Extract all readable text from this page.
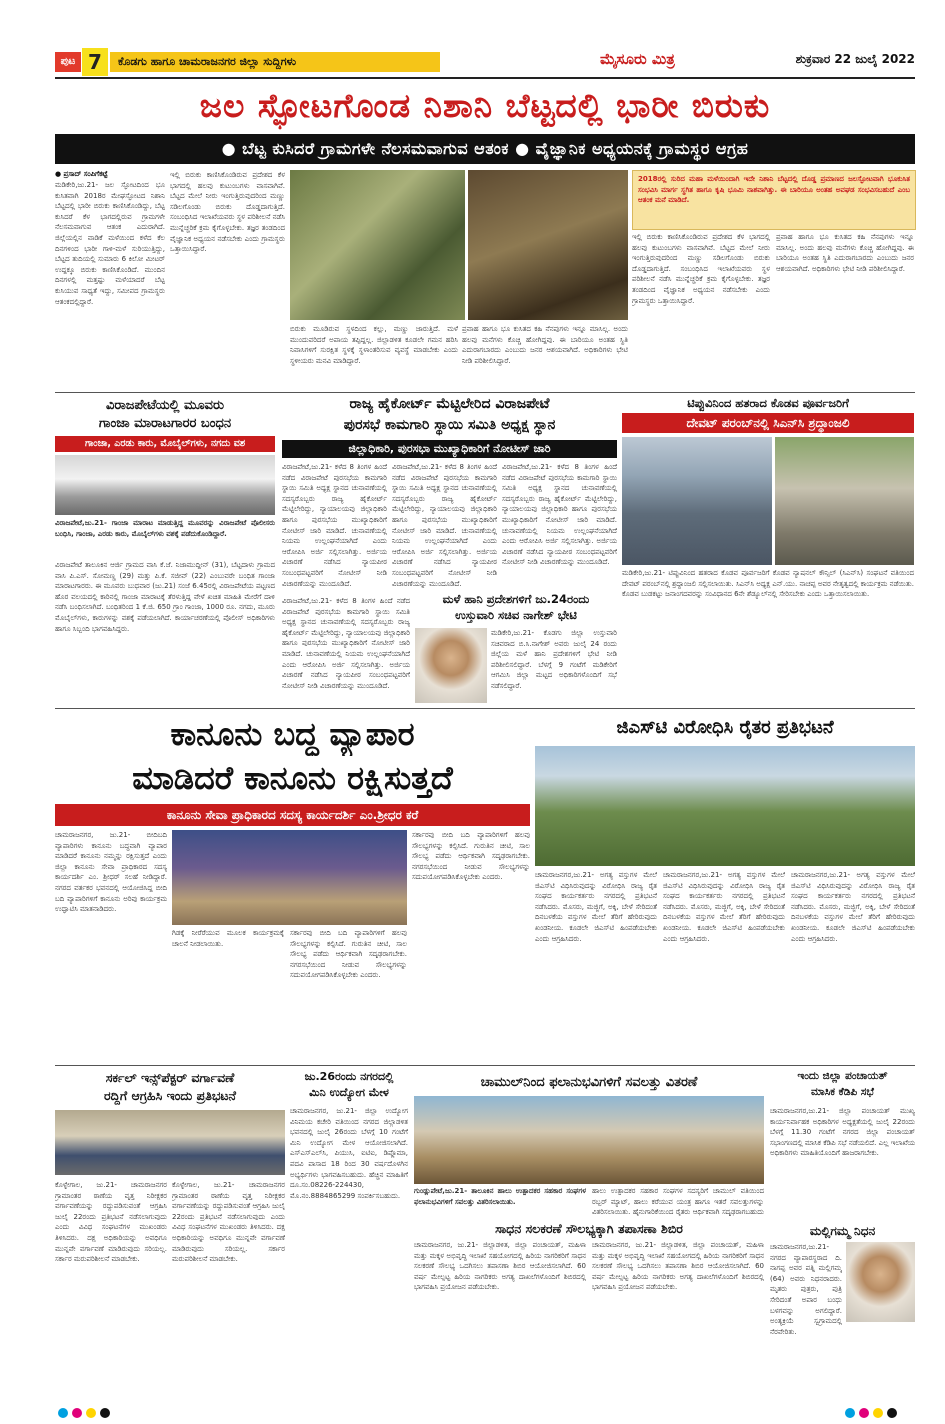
ಪುಟ 7	ಕೊಡಗು ಹಾಗೂ ಚಾಮರಾಜನಗರ ಜಿಲ್ಲಾ ಸುದ್ದಿಗಳು	ಮೈಸೂರು ಮಿತ್ರ	ಶುಕ್ರವಾರ 22 ಜುಲೈ 2022
ಜಲ ಸ್ಫೋಟಗೊಂಡ ನಿಶಾನಿ ಬೆಟ್ಟದಲ್ಲಿ ಭಾರೀ ಬಿರುಕು
● ಬೆಟ್ಟ ಕುಸಿದರೆ ಗ್ರಾಮಗಳೇ ನೆಲಸಮವಾಗುವ ಆತಂಕ ● ವೈಜ್ಞಾನಿಕ ಅಧ್ಯಯನಕ್ಕೆ ಗ್ರಾಮಸ್ಥರ ಆಗ್ರಹ
● ಪ್ರಸಾದ್ ಸಂಪಿಗೆಕಟ್ಟೆ
ಮಡಿಕೇರಿ,ಜು.21- ಜಲ ಸ್ಫೋಟದಿಂದ ಭೂ ಕುಸಿತವಾಗಿ 2018ರ ಮೇಘಸ್ಫೋಟದ ನಿಶಾನಿ ಬೆಟ್ಟದಲ್ಲಿ ಭಾರೀ ಬಿರುಕು ಕಾಣಿಸಿಕೊಂಡಿದ್ದು, ಬೆಟ್ಟ ಕುಸಿದರೆ ಕೆಳ ಭಾಗದಲ್ಲಿರುವ ಗ್ರಾಮಗಳೇ ನೆಲಸಮವಾಗುವ ಆತಂಕ ಎದುರಾಗಿದೆ. ಜಿಲ್ಲೆಯಲ್ಲಿನ ವಾಡಿಕೆ ಮಳೆಯಿಂದ ಕಳೆದ ಕೆಲ ದಿನಗಳಿಂದ ಭಾರೀ ಗಾಳಿ-ಮಳೆ ಸುರಿಯುತ್ತಿದ್ದು, ಬೆಟ್ಟದ ತುದಿಯಲ್ಲಿ ಸುಮಾರು 6 ಕಿಲೋ ಮೀಟರ್ ಉದ್ದಕ್ಕೂ ಬಿರುಕು ಕಾಣಿಸಿಕೊಂಡಿದೆ. ಮುಂದಿನ ದಿನಗಳಲ್ಲಿ ಮತ್ತಷ್ಟು ಮಳೆಯಾದರೆ ಬೆಟ್ಟ ಕುಸಿಯುವ ಸಾಧ್ಯತೆ ಇದ್ದು, ಸಮೀಪದ ಗ್ರಾಮಸ್ಥರು ಆತಂಕದಲ್ಲಿದ್ದಾರೆ.
ಇಲ್ಲಿ ಬಿರುಕು ಕಾಣಿಸಿಕೊಂಡಿರುವ ಪ್ರದೇಶದ ಕೆಳ ಭಾಗದಲ್ಲಿ ಹಲವು ಕುಟುಂಬಗಳು ವಾಸವಾಗಿವೆ. ಬೆಟ್ಟದ ಮೇಲೆ ನೀರು ಇಂಗುತ್ತಿರುವುದರಿಂದ ಮಣ್ಣು ಸಡಿಲಗೊಂಡು ಬಿರುಕು ದೊಡ್ಡದಾಗುತ್ತಿದೆ. ಸಂಬಂಧಿಸಿದ ಇಲಾಖೆಯವರು ಸ್ಥಳ ಪರಿಶೀಲನೆ ನಡೆಸಿ ಮುನ್ನೆಚ್ಚರಿಕೆ ಕ್ರಮ ಕೈಗೊಳ್ಳಬೇಕು. ತಜ್ಞರ ತಂಡದಿಂದ ವೈಜ್ಞಾನಿಕ ಅಧ್ಯಯನ ನಡೆಸಬೇಕು ಎಂದು ಗ್ರಾಮಸ್ಥರು ಒತ್ತಾಯಿಸಿದ್ದಾರೆ.
ಬಿರುಕು ಮೂಡಿರುವ ಸ್ಥಳದಿಂದ ಕಲ್ಲು, ಮಣ್ಣು ಜಾರುತ್ತಿದೆ. ಮಳೆ ಮುಂದುವರಿದರೆ ಅಪಾಯ ತಪ್ಪಿದ್ದಲ್ಲ. ಜಿಲ್ಲಾಡಳಿತ ಕೂಡಲೇ ಗಮನ ಹರಿಸಿ ನಿವಾಸಿಗಳಿಗೆ ಸುರಕ್ಷಿತ ಸ್ಥಳಕ್ಕೆ ಸ್ಥಳಾಂತರಿಸುವ ವ್ಯವಸ್ಥೆ ಮಾಡಬೇಕು ಎಂದು ಸ್ಥಳೀಯರು ಮನವಿ ಮಾಡಿದ್ದಾರೆ.
ಪ್ರವಾಹ ಹಾಗೂ ಭೂ ಕುಸಿತದ ಕಹಿ ನೆನಪುಗಳು ಇನ್ನೂ ಮಾಸಿಲ್ಲ. ಅಂದು ಹಲವು ಮನೆಗಳು ಕೊಚ್ಚಿ ಹೋಗಿದ್ದವು. ಈ ಬಾರಿಯೂ ಅಂತಹ ಸ್ಥಿತಿ ಎದುರಾಗಬಾರದು ಎಂಬುದು ಜನರ ಆಶಯವಾಗಿದೆ. ಅಧಿಕಾರಿಗಳು ಭೇಟಿ ನೀಡಿ ಪರಿಶೀಲಿಸಿದ್ದಾರೆ.
2018ರಲ್ಲಿ ಸುರಿದ ಮಹಾ ಮಳೆಯಿಂದಾಗಿ ಇದೇ ನಿಶಾನಿ ಬೆಟ್ಟದಲ್ಲಿ ದೊಡ್ಡ ಪ್ರಮಾಣದ ಜಲಸ್ಫೋಟವಾಗಿ ಭೂಕುಸಿತ ಸಂಭವಿಸಿ ಮಾರ್ಗ ಸ್ಥಗಿತ ಹಾಗೂ ಕೃಷಿ ಭೂಮಿ ನಾಶವಾಗಿತ್ತು. ಈ ಬಾರಿಯೂ ಅಂತಹ ಅವಘಡ ಸಂಭವಿಸಬಹುದೆ ಎಂಬ ಆತಂಕ ಮನೆ ಮಾಡಿದೆ.
ಇಲ್ಲಿ ಬಿರುಕು ಕಾಣಿಸಿಕೊಂಡಿರುವ ಪ್ರದೇಶದ ಕೆಳ ಭಾಗದಲ್ಲಿ ಹಲವು ಕುಟುಂಬಗಳು ವಾಸವಾಗಿವೆ. ಬೆಟ್ಟದ ಮೇಲೆ ನೀರು ಇಂಗುತ್ತಿರುವುದರಿಂದ ಮಣ್ಣು ಸಡಿಲಗೊಂಡು ಬಿರುಕು ದೊಡ್ಡದಾಗುತ್ತಿದೆ. ಸಂಬಂಧಿಸಿದ ಇಲಾಖೆಯವರು ಸ್ಥಳ ಪರಿಶೀಲನೆ ನಡೆಸಿ ಮುನ್ನೆಚ್ಚರಿಕೆ ಕ್ರಮ ಕೈಗೊಳ್ಳಬೇಕು. ತಜ್ಞರ ತಂಡದಿಂದ ವೈಜ್ಞಾನಿಕ ಅಧ್ಯಯನ ನಡೆಸಬೇಕು ಎಂದು ಗ್ರಾಮಸ್ಥರು ಒತ್ತಾಯಿಸಿದ್ದಾರೆ.
ಪ್ರವಾಹ ಹಾಗೂ ಭೂ ಕುಸಿತದ ಕಹಿ ನೆನಪುಗಳು ಇನ್ನೂ ಮಾಸಿಲ್ಲ. ಅಂದು ಹಲವು ಮನೆಗಳು ಕೊಚ್ಚಿ ಹೋಗಿದ್ದವು. ಈ ಬಾರಿಯೂ ಅಂತಹ ಸ್ಥಿತಿ ಎದುರಾಗಬಾರದು ಎಂಬುದು ಜನರ ಆಶಯವಾಗಿದೆ. ಅಧಿಕಾರಿಗಳು ಭೇಟಿ ನೀಡಿ ಪರಿಶೀಲಿಸಿದ್ದಾರೆ.
ವಿರಾಜಪೇಟೆಯಲ್ಲಿ ಮೂವರು
ಗಾಂಜಾ ಮಾರಾಟಗಾರರ ಬಂಧನ
ಗಾಂಜಾ, ಎರಡು ಕಾರು, ಮೊಬೈಲ್‌ಗಳು, ನಗದು ವಶ
ವಿರಾಜಪೇಟೆ,ಜು.21- ಗಾಂಜಾ ಮಾರಾಟ ಮಾಡುತ್ತಿದ್ದ ಮೂವರನ್ನು ವಿರಾಜಪೇಟೆ ಪೊಲೀಸರು ಬಂಧಿಸಿ, ಗಾಂಜಾ, ಎರಡು ಕಾರು, ಮೊಬೈಲ್‌ಗಳು ವಶಕ್ಕೆ ಪಡೆದುಕೊಂಡಿದ್ದಾರೆ.
ವಿರಾಜಪೇಟೆ ತಾಲೂಕಿನ ಆರ್ಜಿ ಗ್ರಾಮದ ವಾಸಿ ಕೆ.ಜೆ. ನಿಜಾಮುದ್ದೀನ್ (31), ಬೆಟ್ಟದಾಳು ಗ್ರಾಮದ ವಾಸಿ ಪಿ.ಎಸ್. ಸೋಮಣ್ಣ (29) ಮತ್ತು ಪಿ.ಕೆ. ಸಜೀವ್ (22) ಎಂಬುವರೇ ಬಂಧಿತ ಗಾಂಜಾ ಮಾರಾಟಗಾರರು. ಈ ಮೂವರು ಬುಧವಾರ (ಜು.21) ಸಂಜೆ 6.45ರಲ್ಲಿ ವಿರಾಜಪೇಟೆಯ ಪಟ್ಟಣದ ಹೊರ ವಲಯದಲ್ಲಿ ಕಾರಿನಲ್ಲಿ ಗಾಂಜಾ ಮಾರಾಟಕ್ಕೆ ತೆರಳುತ್ತಿದ್ದ ವೇಳೆ ಖಚಿತ ಮಾಹಿತಿ ಮೇರೆಗೆ ದಾಳಿ ನಡೆಸಿ ಬಂಧಿಸಲಾಗಿದೆ. ಬಂಧಿತರಿಂದ 1 ಕೆ.ಜಿ. 650 ಗ್ರಾಂ ಗಾಂಜಾ, 1000 ರೂ. ನಗದು, ಮೂರು ಮೊಬೈಲ್‌ಗಳು, ಕಾರುಗಳನ್ನು ವಶಕ್ಕೆ ಪಡೆಯಲಾಗಿದೆ. ಕಾರ್ಯಾಚರಣೆಯಲ್ಲಿ ಪೊಲೀಸ್ ಅಧಿಕಾರಿಗಳು ಹಾಗೂ ಸಿಬ್ಬಂದಿ ಭಾಗವಹಿಸಿದ್ದರು.
ರಾಜ್ಯ ಹೈಕೋರ್ಟ್ ಮೆಟ್ಟಿಲೇರಿದ ವಿರಾಜಪೇಟೆ
ಪುರಸಭೆ ಕಾಮಗಾರಿ ಸ್ಥಾಯಿ ಸಮಿತಿ ಅಧ್ಯಕ್ಷ ಸ್ಥಾನ
ಜಿಲ್ಲಾಧಿಕಾರಿ, ಪುರಸಭಾ ಮುಖ್ಯಾಧಿಕಾರಿಗೆ ನೋಟೀಸ್ ಜಾರಿ
ವಿರಾಜಪೇಟೆ,ಜು.21- ಕಳೆದ 8 ತಿಂಗಳ ಹಿಂದೆ ನಡೆದ ವಿರಾಜಪೇಟೆ ಪುರಸಭೆಯ ಕಾಮಗಾರಿ ಸ್ಥಾಯಿ ಸಮಿತಿ ಅಧ್ಯಕ್ಷ ಸ್ಥಾನದ ಚುನಾವಣೆಯಲ್ಲಿ ಸದಸ್ಯರೊಬ್ಬರು ರಾಜ್ಯ ಹೈಕೋರ್ಟ್ ಮೆಟ್ಟಿಲೇರಿದ್ದು, ನ್ಯಾಯಾಲಯವು ಜಿಲ್ಲಾಧಿಕಾರಿ ಹಾಗೂ ಪುರಸಭೆಯ ಮುಖ್ಯಾಧಿಕಾರಿಗೆ ನೋಟೀಸ್ ಜಾರಿ ಮಾಡಿದೆ. ಚುನಾವಣೆಯಲ್ಲಿ ನಿಯಮ ಉಲ್ಲಂಘನೆಯಾಗಿದೆ ಎಂದು ಆರೋಪಿಸಿ ಅರ್ಜಿ ಸಲ್ಲಿಸಲಾಗಿತ್ತು. ಅರ್ಜಿಯ ವಿಚಾರಣೆ ನಡೆಸಿದ ನ್ಯಾಯಪೀಠ ಸಂಬಂಧಪಟ್ಟವರಿಗೆ ನೋಟೀಸ್ ನೀಡಿ ವಿಚಾರಣೆಯನ್ನು ಮುಂದೂಡಿದೆ.
ವಿರಾಜಪೇಟೆ,ಜು.21- ಕಳೆದ 8 ತಿಂಗಳ ಹಿಂದೆ ನಡೆದ ವಿರಾಜಪೇಟೆ ಪುರಸಭೆಯ ಕಾಮಗಾರಿ ಸ್ಥಾಯಿ ಸಮಿತಿ ಅಧ್ಯಕ್ಷ ಸ್ಥಾನದ ಚುನಾವಣೆಯಲ್ಲಿ ಸದಸ್ಯರೊಬ್ಬರು ರಾಜ್ಯ ಹೈಕೋರ್ಟ್ ಮೆಟ್ಟಿಲೇರಿದ್ದು, ನ್ಯಾಯಾಲಯವು ಜಿಲ್ಲಾಧಿಕಾರಿ ಹಾಗೂ ಪುರಸಭೆಯ ಮುಖ್ಯಾಧಿಕಾರಿಗೆ ನೋಟೀಸ್ ಜಾರಿ ಮಾಡಿದೆ. ಚುನಾವಣೆಯಲ್ಲಿ ನಿಯಮ ಉಲ್ಲಂಘನೆಯಾಗಿದೆ ಎಂದು ಆರೋಪಿಸಿ ಅರ್ಜಿ ಸಲ್ಲಿಸಲಾಗಿತ್ತು. ಅರ್ಜಿಯ ವಿಚಾರಣೆ ನಡೆಸಿದ ನ್ಯಾಯಪೀಠ ಸಂಬಂಧಪಟ್ಟವರಿಗೆ ನೋಟೀಸ್ ನೀಡಿ ವಿಚಾರಣೆಯನ್ನು ಮುಂದೂಡಿದೆ.
ವಿರಾಜಪೇಟೆ,ಜು.21- ಕಳೆದ 8 ತಿಂಗಳ ಹಿಂದೆ ನಡೆದ ವಿರಾಜಪೇಟೆ ಪುರಸಭೆಯ ಕಾಮಗಾರಿ ಸ್ಥಾಯಿ ಸಮಿತಿ ಅಧ್ಯಕ್ಷ ಸ್ಥಾನದ ಚುನಾವಣೆಯಲ್ಲಿ ಸದಸ್ಯರೊಬ್ಬರು ರಾಜ್ಯ ಹೈಕೋರ್ಟ್ ಮೆಟ್ಟಿಲೇರಿದ್ದು, ನ್ಯಾಯಾಲಯವು ಜಿಲ್ಲಾಧಿಕಾರಿ ಹಾಗೂ ಪುರಸಭೆಯ ಮುಖ್ಯಾಧಿಕಾರಿಗೆ ನೋಟೀಸ್ ಜಾರಿ ಮಾಡಿದೆ. ಚುನಾವಣೆಯಲ್ಲಿ ನಿಯಮ ಉಲ್ಲಂಘನೆಯಾಗಿದೆ ಎಂದು ಆರೋಪಿಸಿ ಅರ್ಜಿ ಸಲ್ಲಿಸಲಾಗಿತ್ತು. ಅರ್ಜಿಯ ವಿಚಾರಣೆ ನಡೆಸಿದ ನ್ಯಾಯಪೀಠ ಸಂಬಂಧಪಟ್ಟವರಿಗೆ ನೋಟೀಸ್ ನೀಡಿ ವಿಚಾರಣೆಯನ್ನು ಮುಂದೂಡಿದೆ.
ಮಳೆ ಹಾನಿ ಪ್ರದೇಶಗಳಿಗೆ ಜು.24ರಂದು
ಉಸ್ತುವಾರಿ ಸಚಿವ ನಾಗೇಶ್ ಭೇಟಿ
ವಿರಾಜಪೇಟೆ,ಜು.21- ಕಳೆದ 8 ತಿಂಗಳ ಹಿಂದೆ ನಡೆದ ವಿರಾಜಪೇಟೆ ಪುರಸಭೆಯ ಕಾಮಗಾರಿ ಸ್ಥಾಯಿ ಸಮಿತಿ ಅಧ್ಯಕ್ಷ ಸ್ಥಾನದ ಚುನಾವಣೆಯಲ್ಲಿ ಸದಸ್ಯರೊಬ್ಬರು ರಾಜ್ಯ ಹೈಕೋರ್ಟ್ ಮೆಟ್ಟಿಲೇರಿದ್ದು, ನ್ಯಾಯಾಲಯವು ಜಿಲ್ಲಾಧಿಕಾರಿ ಹಾಗೂ ಪುರಸಭೆಯ ಮುಖ್ಯಾಧಿಕಾರಿಗೆ ನೋಟೀಸ್ ಜಾರಿ ಮಾಡಿದೆ. ಚುನಾವಣೆಯಲ್ಲಿ ನಿಯಮ ಉಲ್ಲಂಘನೆಯಾಗಿದೆ ಎಂದು ಆರೋಪಿಸಿ ಅರ್ಜಿ ಸಲ್ಲಿಸಲಾಗಿತ್ತು. ಅರ್ಜಿಯ ವಿಚಾರಣೆ ನಡೆಸಿದ ನ್ಯಾಯಪೀಠ ಸಂಬಂಧಪಟ್ಟವರಿಗೆ ನೋಟೀಸ್ ನೀಡಿ ವಿಚಾರಣೆಯನ್ನು ಮುಂದೂಡಿದೆ.
ಮಡಿಕೇರಿ,ಜು.21- ಕೊಡಗು ಜಿಲ್ಲಾ ಉಸ್ತುವಾರಿ ಸಚಿವರಾದ ಬಿ.ಸಿ.ನಾಗೇಶ್ ಅವರು ಜುಲೈ 24 ರಂದು ಜಿಲ್ಲೆಯ ಮಳೆ ಹಾನಿ ಪ್ರದೇಶಗಳಿಗೆ ಭೇಟಿ ನೀಡಿ ಪರಿಶೀಲಿಸಲಿದ್ದಾರೆ. ಬೆಳಗ್ಗೆ 9 ಗಂಟೆಗೆ ಮಡಿಕೇರಿಗೆ ಆಗಮಿಸಿ ಜಿಲ್ಲಾ ಮಟ್ಟದ ಅಧಿಕಾರಿಗಳೊಂದಿಗೆ ಸಭೆ ನಡೆಸಲಿದ್ದಾರೆ.
ಟಿಪ್ಪುವಿನಿಂದ ಹತರಾದ ಕೊಡವ ಪೂರ್ವಜರಿಗೆ
ದೇವಟ್ ಪರಂಬ್‌ನಲ್ಲಿ ಸಿಎನ್‌ಸಿ ಶ್ರದ್ಧಾಂಜಲಿ
ಮಡಿಕೇರಿ,ಜು.21- ಟಿಪ್ಪುವಿನಿಂದ ಹತರಾದ ಕೊಡವ ಪೂರ್ವಜರಿಗೆ ಕೊಡವ ನ್ಯಾಷನಲ್ ಕೌನ್ಸಿಲ್ (ಸಿಎನ್‌ಸಿ) ಸಂಘಟನೆ ವತಿಯಿಂದ ದೇವಟ್ ಪರಂಬ್‌ನಲ್ಲಿ ಶ್ರದ್ಧಾಂಜಲಿ ಸಲ್ಲಿಸಲಾಯಿತು. ಸಿಎನ್‌ಸಿ ಅಧ್ಯಕ್ಷ ಎನ್.ಯು. ನಾಚಪ್ಪ ಅವರ ನೇತೃತ್ವದಲ್ಲಿ ಕಾರ್ಯಕ್ರಮ ನಡೆಯಿತು. ಕೊಡವ ಬುಡಕಟ್ಟು ಜನಾಂಗದವರನ್ನು ಸಂವಿಧಾನದ 6ನೇ ಶೆಡ್ಯೂಲ್‌ನಲ್ಲಿ ಸೇರಿಸಬೇಕು ಎಂದು ಒತ್ತಾಯಿಸಲಾಯಿತು.
ಕಾನೂನು ಬದ್ಧ ವ್ಯಾಪಾರ
ಮಾಡಿದರೆ ಕಾನೂನು ರಕ್ಷಿಸುತ್ತದೆ
ಕಾನೂನು ಸೇವಾ ಪ್ರಾಧಿಕಾರದ ಸದಸ್ಯ ಕಾರ್ಯದರ್ಶಿ ಎಂ.ಶ್ರೀಧರ ಕರೆ
ಚಾಮರಾಜನಗರ, ಜು.21- ಬೀದಿಬದಿ ವ್ಯಾಪಾರಿಗಳು ಕಾನೂನು ಬದ್ಧವಾಗಿ ವ್ಯಾಪಾರ ಮಾಡಿದರೆ ಕಾನೂನು ನಮ್ಮನ್ನು ರಕ್ಷಿಸುತ್ತದೆ ಎಂದು ಜಿಲ್ಲಾ ಕಾನೂನು ಸೇವಾ ಪ್ರಾಧಿಕಾರದ ಸದಸ್ಯ ಕಾರ್ಯದರ್ಶಿ ಎಂ. ಶ್ರೀಧರ್ ಸಲಹೆ ನೀಡಿದ್ದಾರೆ. ನಗರದ ವರ್ತಕರ ಭವನದಲ್ಲಿ ಆಯೋಜಿಸಿದ್ದ ಬೀದಿ ಬದಿ ವ್ಯಾಪಾರಿಗಳಿಗೆ ಕಾನೂನು ಅರಿವು ಕಾರ್ಯಕ್ರಮ ಉದ್ಘಾಟಿಸಿ ಮಾತನಾಡಿದರು.
ಗಿಡಕ್ಕೆ ನೀರೆರೆಯುವ ಮೂಲಕ ಕಾರ್ಯಕ್ರಮಕ್ಕೆ ಚಾಲನೆ ನೀಡಲಾಯಿತು.
ಸರ್ಕಾರವು ಬೀದಿ ಬದಿ ವ್ಯಾಪಾರಿಗಳಿಗೆ ಹಲವು ಸೌಲಭ್ಯಗಳನ್ನು ಕಲ್ಪಿಸಿದೆ. ಗುರುತಿನ ಚೀಟಿ, ಸಾಲ ಸೌಲಭ್ಯ ಪಡೆದು ಆರ್ಥಿಕವಾಗಿ ಸದೃಢರಾಗಬೇಕು. ನಗರಸಭೆಯಿಂದ ನೀಡುವ ಸೌಲಭ್ಯಗಳನ್ನು ಸದುಪಯೋಗಪಡಿಸಿಕೊಳ್ಳಬೇಕು ಎಂದರು.
ಸರ್ಕಾರವು ಬೀದಿ ಬದಿ ವ್ಯಾಪಾರಿಗಳಿಗೆ ಹಲವು ಸೌಲಭ್ಯಗಳನ್ನು ಕಲ್ಪಿಸಿದೆ. ಗುರುತಿನ ಚೀಟಿ, ಸಾಲ ಸೌಲಭ್ಯ ಪಡೆದು ಆರ್ಥಿಕವಾಗಿ ಸದೃಢರಾಗಬೇಕು. ನಗರಸಭೆಯಿಂದ ನೀಡುವ ಸೌಲಭ್ಯಗಳನ್ನು ಸದುಪಯೋಗಪಡಿಸಿಕೊಳ್ಳಬೇಕು ಎಂದರು.
ಜಿಎಸ್‌ಟಿ ವಿರೋಧಿಸಿ ರೈತರ ಪ್ರತಿಭಟನೆ
ಚಾಮರಾಜನಗರ,ಜು.21- ಅಗತ್ಯ ವಸ್ತುಗಳ ಮೇಲೆ ಜಿಎಸ್‌ಟಿ ವಿಧಿಸಿರುವುದನ್ನು ವಿರೋಧಿಸಿ ರಾಜ್ಯ ರೈತ ಸಂಘದ ಕಾರ್ಯಕರ್ತರು ನಗರದಲ್ಲಿ ಪ್ರತಿಭಟನೆ ನಡೆಸಿದರು. ಮೊಸರು, ಮಜ್ಜಿಗೆ, ಅಕ್ಕಿ, ಬೇಳೆ ಸೇರಿದಂತೆ ದಿನಬಳಕೆಯ ವಸ್ತುಗಳ ಮೇಲೆ ತೆರಿಗೆ ಹೇರಿರುವುದು ಖಂಡನೀಯ. ಕೂಡಲೇ ಜಿಎಸ್‌ಟಿ ಹಿಂಪಡೆಯಬೇಕು ಎಂದು ಆಗ್ರಹಿಸಿದರು.
ಚಾಮರಾಜನಗರ,ಜು.21- ಅಗತ್ಯ ವಸ್ತುಗಳ ಮೇಲೆ ಜಿಎಸ್‌ಟಿ ವಿಧಿಸಿರುವುದನ್ನು ವಿರೋಧಿಸಿ ರಾಜ್ಯ ರೈತ ಸಂಘದ ಕಾರ್ಯಕರ್ತರು ನಗರದಲ್ಲಿ ಪ್ರತಿಭಟನೆ ನಡೆಸಿದರು. ಮೊಸರು, ಮಜ್ಜಿಗೆ, ಅಕ್ಕಿ, ಬೇಳೆ ಸೇರಿದಂತೆ ದಿನಬಳಕೆಯ ವಸ್ತುಗಳ ಮೇಲೆ ತೆರಿಗೆ ಹೇರಿರುವುದು ಖಂಡನೀಯ. ಕೂಡಲೇ ಜಿಎಸ್‌ಟಿ ಹಿಂಪಡೆಯಬೇಕು ಎಂದು ಆಗ್ರಹಿಸಿದರು.
ಚಾಮರಾಜನಗರ,ಜು.21- ಅಗತ್ಯ ವಸ್ತುಗಳ ಮೇಲೆ ಜಿಎಸ್‌ಟಿ ವಿಧಿಸಿರುವುದನ್ನು ವಿರೋಧಿಸಿ ರಾಜ್ಯ ರೈತ ಸಂಘದ ಕಾರ್ಯಕರ್ತರು ನಗರದಲ್ಲಿ ಪ್ರತಿಭಟನೆ ನಡೆಸಿದರು. ಮೊಸರು, ಮಜ್ಜಿಗೆ, ಅಕ್ಕಿ, ಬೇಳೆ ಸೇರಿದಂತೆ ದಿನಬಳಕೆಯ ವಸ್ತುಗಳ ಮೇಲೆ ತೆರಿಗೆ ಹೇರಿರುವುದು ಖಂಡನೀಯ. ಕೂಡಲೇ ಜಿಎಸ್‌ಟಿ ಹಿಂಪಡೆಯಬೇಕು ಎಂದು ಆಗ್ರಹಿಸಿದರು.
ಸರ್ಕಲ್ ಇನ್ಸ್‌ಪೆಕ್ಟರ್ ವರ್ಗಾವಣೆ
ರದ್ದಿಗೆ ಆಗ್ರಹಿಸಿ ಇಂದು ಪ್ರತಿಭಟನೆ
ಕೊಳ್ಳೇಗಾಲ, ಜು.21- ಚಾಮರಾಜನಗರ ಗ್ರಾಮಾಂತರ ಠಾಣೆಯ ವೃತ್ತ ನಿರೀಕ್ಷಕರ ವರ್ಗಾವಣೆಯನ್ನು ರದ್ದುಪಡಿಸುವಂತೆ ಆಗ್ರಹಿಸಿ ಜುಲೈ 22ರಂದು ಪ್ರತಿಭಟನೆ ನಡೆಸಲಾಗುವುದು ಎಂದು ವಿವಿಧ ಸಂಘಟನೆಗಳ ಮುಖಂಡರು ತಿಳಿಸಿದರು. ದಕ್ಷ ಅಧಿಕಾರಿಯನ್ನು ಅವಧಿಗೂ ಮುನ್ನವೇ ವರ್ಗಾವಣೆ ಮಾಡಿರುವುದು ಸರಿಯಲ್ಲ. ಸರ್ಕಾರ ಮರುಪರಿಶೀಲನೆ ಮಾಡಬೇಕು.
ಕೊಳ್ಳೇಗಾಲ, ಜು.21- ಚಾಮರಾಜನಗರ ಗ್ರಾಮಾಂತರ ಠಾಣೆಯ ವೃತ್ತ ನಿರೀಕ್ಷಕರ ವರ್ಗಾವಣೆಯನ್ನು ರದ್ದುಪಡಿಸುವಂತೆ ಆಗ್ರಹಿಸಿ ಜುಲೈ 22ರಂದು ಪ್ರತಿಭಟನೆ ನಡೆಸಲಾಗುವುದು ಎಂದು ವಿವಿಧ ಸಂಘಟನೆಗಳ ಮುಖಂಡರು ತಿಳಿಸಿದರು. ದಕ್ಷ ಅಧಿಕಾರಿಯನ್ನು ಅವಧಿಗೂ ಮುನ್ನವೇ ವರ್ಗಾವಣೆ ಮಾಡಿರುವುದು ಸರಿಯಲ್ಲ. ಸರ್ಕಾರ ಮರುಪರಿಶೀಲನೆ ಮಾಡಬೇಕು.
ಜು.26ರಂದು ನಗರದಲ್ಲಿ
ಮಿನಿ ಉದ್ಯೋಗ ಮೇಳ
ಚಾಮರಾಜನಗರ, ಜು.21- ಜಿಲ್ಲಾ ಉದ್ಯೋಗ ವಿನಿಮಯ ಕಚೇರಿ ವತಿಯಿಂದ ನಗರದ ಜಿಲ್ಲಾಡಳಿತ ಭವನದಲ್ಲಿ ಜುಲೈ 26ರಂದು ಬೆಳಗ್ಗೆ 10 ಗಂಟೆಗೆ ಮಿನಿ ಉದ್ಯೋಗ ಮೇಳ ಆಯೋಜಿಸಲಾಗಿದೆ. ಎಸ್‌ಎಸ್‌ಎಲ್‌ಸಿ, ಪಿಯುಸಿ, ಐಟಿಐ, ಡಿಪ್ಲೊಮಾ, ಪದವಿ ಪಾಸಾದ 18 ರಿಂದ 30 ವರ್ಷದೊಳಗಿನ ಅಭ್ಯರ್ಥಿಗಳು ಭಾಗವಹಿಸಬಹುದು. ಹೆಚ್ಚಿನ ಮಾಹಿತಿಗೆ ದೂ.ಸಂ.08226-224430, ಮೊ.ನಂ.8884865299 ಸಂಪರ್ಕಿಸಬಹುದು.
ಚಾಮುಲ್‌ನಿಂದ ಫಲಾನುಭವಿಗಳಿಗೆ ಸವಲತ್ತು ವಿತರಣೆ
ಗುಂಡ್ಲುಪೇಟೆ,ಜು.21- ತಾಲೂಕಿನ ಹಾಲು ಉತ್ಪಾದಕರ ಸಹಕಾರ ಸಂಘಗಳ ಫಲಾನುಭವಿಗಳಿಗೆ ಸವಲತ್ತು ವಿತರಿಸಲಾಯಿತು.
ಹಾಲು ಉತ್ಪಾದಕರ ಸಹಕಾರ ಸಂಘಗಳ ಸದಸ್ಯರಿಗೆ ಚಾಮುಲ್ ವತಿಯಿಂದ ರಬ್ಬರ್ ಮ್ಯಾಟ್, ಹಾಲು ಕರೆಯುವ ಯಂತ್ರ ಹಾಗೂ ಇತರೆ ಸವಲತ್ತುಗಳನ್ನು ವಿತರಿಸಲಾಯಿತು. ಹೈನುಗಾರಿಕೆಯಿಂದ ರೈತರು ಆರ್ಥಿಕವಾಗಿ ಸದೃಢರಾಗಬಹುದು
ಸಾಧನ ಸಲಕರಣೆ ಸೌಲಭ್ಯಕ್ಕಾಗಿ ತಪಾಸಣಾ ಶಿಬಿರ
ಚಾಮರಾಜನಗರ, ಜು.21- ಜಿಲ್ಲಾಡಳಿತ, ಜಿಲ್ಲಾ ಪಂಚಾಯತ್, ಮಹಿಳಾ ಮತ್ತು ಮಕ್ಕಳ ಅಭಿವೃದ್ಧಿ ಇಲಾಖೆ ಸಹಯೋಗದಲ್ಲಿ ಹಿರಿಯ ನಾಗರಿಕರಿಗೆ ಸಾಧನ ಸಲಕರಣೆ ಸೌಲಭ್ಯ ಒದಗಿಸಲು ತಪಾಸಣಾ ಶಿಬಿರ ಆಯೋಜಿಸಲಾಗಿದೆ. 60 ವರ್ಷ ಮೇಲ್ಪಟ್ಟ ಹಿರಿಯ ನಾಗರಿಕರು ಅಗತ್ಯ ದಾಖಲೆಗಳೊಂದಿಗೆ ಶಿಬಿರದಲ್ಲಿ ಭಾಗವಹಿಸಿ ಪ್ರಯೋಜನ ಪಡೆಯಬೇಕು.
ಚಾಮರಾಜನಗರ, ಜು.21- ಜಿಲ್ಲಾಡಳಿತ, ಜಿಲ್ಲಾ ಪಂಚಾಯತ್, ಮಹಿಳಾ ಮತ್ತು ಮಕ್ಕಳ ಅಭಿವೃದ್ಧಿ ಇಲಾಖೆ ಸಹಯೋಗದಲ್ಲಿ ಹಿರಿಯ ನಾಗರಿಕರಿಗೆ ಸಾಧನ ಸಲಕರಣೆ ಸೌಲಭ್ಯ ಒದಗಿಸಲು ತಪಾಸಣಾ ಶಿಬಿರ ಆಯೋಜಿಸಲಾಗಿದೆ. 60 ವರ್ಷ ಮೇಲ್ಪಟ್ಟ ಹಿರಿಯ ನಾಗರಿಕರು ಅಗತ್ಯ ದಾಖಲೆಗಳೊಂದಿಗೆ ಶಿಬಿರದಲ್ಲಿ ಭಾಗವಹಿಸಿ ಪ್ರಯೋಜನ ಪಡೆಯಬೇಕು.
ಇಂದು ಜಿಲ್ಲಾ ಪಂಚಾಯತ್
ಮಾಸಿಕ ಕೆಡಿಪಿ ಸಭೆ
ಚಾಮರಾಜನಗರ,ಜು.21- ಜಿಲ್ಲಾ ಪಂಚಾಯತ್ ಮುಖ್ಯ ಕಾರ್ಯನಿರ್ವಾಹಕ ಅಧಿಕಾರಿಗಳ ಅಧ್ಯಕ್ಷತೆಯಲ್ಲಿ ಜುಲೈ 22ರಂದು ಬೆಳಗ್ಗೆ 11.30 ಗಂಟೆಗೆ ನಗರದ ಜಿಲ್ಲಾ ಪಂಚಾಯತ್ ಸಭಾಂಗಣದಲ್ಲಿ ಮಾಸಿಕ ಕೆಡಿಪಿ ಸಭೆ ನಡೆಯಲಿದೆ. ಎಲ್ಲ ಇಲಾಖೆಯ ಅಧಿಕಾರಿಗಳು ಮಾಹಿತಿಯೊಂದಿಗೆ ಹಾಜರಾಗಬೇಕು.
ಮಲ್ಲಿಗಮ್ಮ ನಿಧನ
ಚಾಮರಾಜನಗರ,ಜು.21- ನಗರದ ವ್ಯಾಪಾರಸ್ಥರಾದ ದಿ. ನಾಗಪ್ಪ ಅವರ ಪತ್ನಿ ಮಲ್ಲಿಗಮ್ಮ (64) ಅವರು ನಿಧನರಾದರು. ಮೃತರು ಪುತ್ರರು, ಪುತ್ರಿ ಸೇರಿದಂತೆ ಅಪಾರ ಬಂಧು ಬಳಗವನ್ನು ಅಗಲಿದ್ದಾರೆ. ಅಂತ್ಯಕ್ರಿಯೆ ಸ್ವಗ್ರಾಮದಲ್ಲಿ ನೆರವೇರಿತು.
